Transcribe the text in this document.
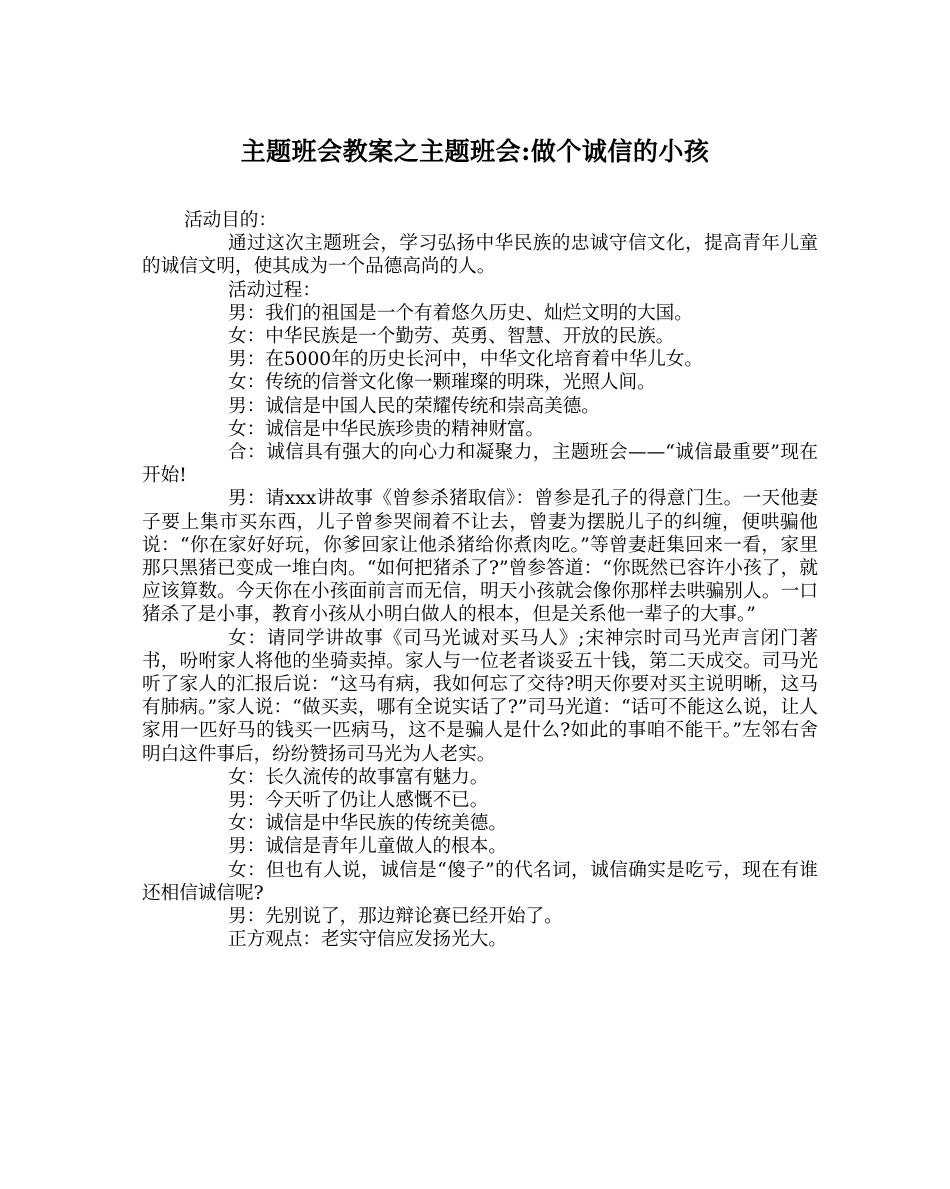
主题班会教案之主题班会:做个诚信的小孩

活动目的：

通过这次主题班会，学习弘扬中华民族的忠诚守信文化，提高青年儿童的诚信文明，使其成为一个品德高尚的人。

活动过程：

男：我们的祖国是一个有着悠久历史、灿烂文明的大国。

女：中华民族是一个勤劳、英勇、智慧、开放的民族。

男：在5000年的历史长河中，中华文化培育着中华儿女。

女：传统的信誉文化像一颗璀璨的明珠，光照人间。

男：诚信是中国人民的荣耀传统和崇高美德。

女：诚信是中华民族珍贵的精神财富。

合：诚信具有强大的向心力和凝聚力，主题班会——“诚信最重要”现在开始!

男：请xxx讲故事《曾参杀猪取信》：曾参是孔子的得意门生。一天他妻子要上集市买东西，儿子曾参哭闹着不让去，曾妻为摆脱儿子的纠缠，便哄骗他说：“你在家好好玩，你爹回家让他杀猪给你煮肉吃。”等曾妻赶集回来一看，家里那只黑猪已变成一堆白肉。“如何把猪杀了?”曾参答道：“你既然已容许小孩了，就应该算数。今天你在小孩面前言而无信，明天小孩就会像你那样去哄骗别人。一口猪杀了是小事，教育小孩从小明白做人的根本，但是关系他一辈子的大事。”

女：请同学讲故事《司马光诚对买马人》;宋神宗时司马光声言闭门著书，吩咐家人将他的坐骑卖掉。家人与一位老者谈妥五十钱，第二天成交。司马光听了家人的汇报后说：“这马有病，我如何忘了交待?明天你要对买主说明晰，这马有肺病。”家人说：“做买卖，哪有全说实话了?”司马光道：“话可不能这么说，让人家用一匹好马的钱买一匹病马，这不是骗人是什么?如此的事咱不能干。”左邻右舍明白这件事后，纷纷赞扬司马光为人老实。

女：长久流传的故事富有魅力。

男：今天听了仍让人感慨不已。

女：诚信是中华民族的传统美德。

男：诚信是青年儿童做人的根本。

女：但也有人说，诚信是“傻子”的代名词，诚信确实是吃亏，现在有谁还相信诚信呢?

男：先别说了，那边辩论赛已经开始了。

正方观点：老实守信应发扬光大。
